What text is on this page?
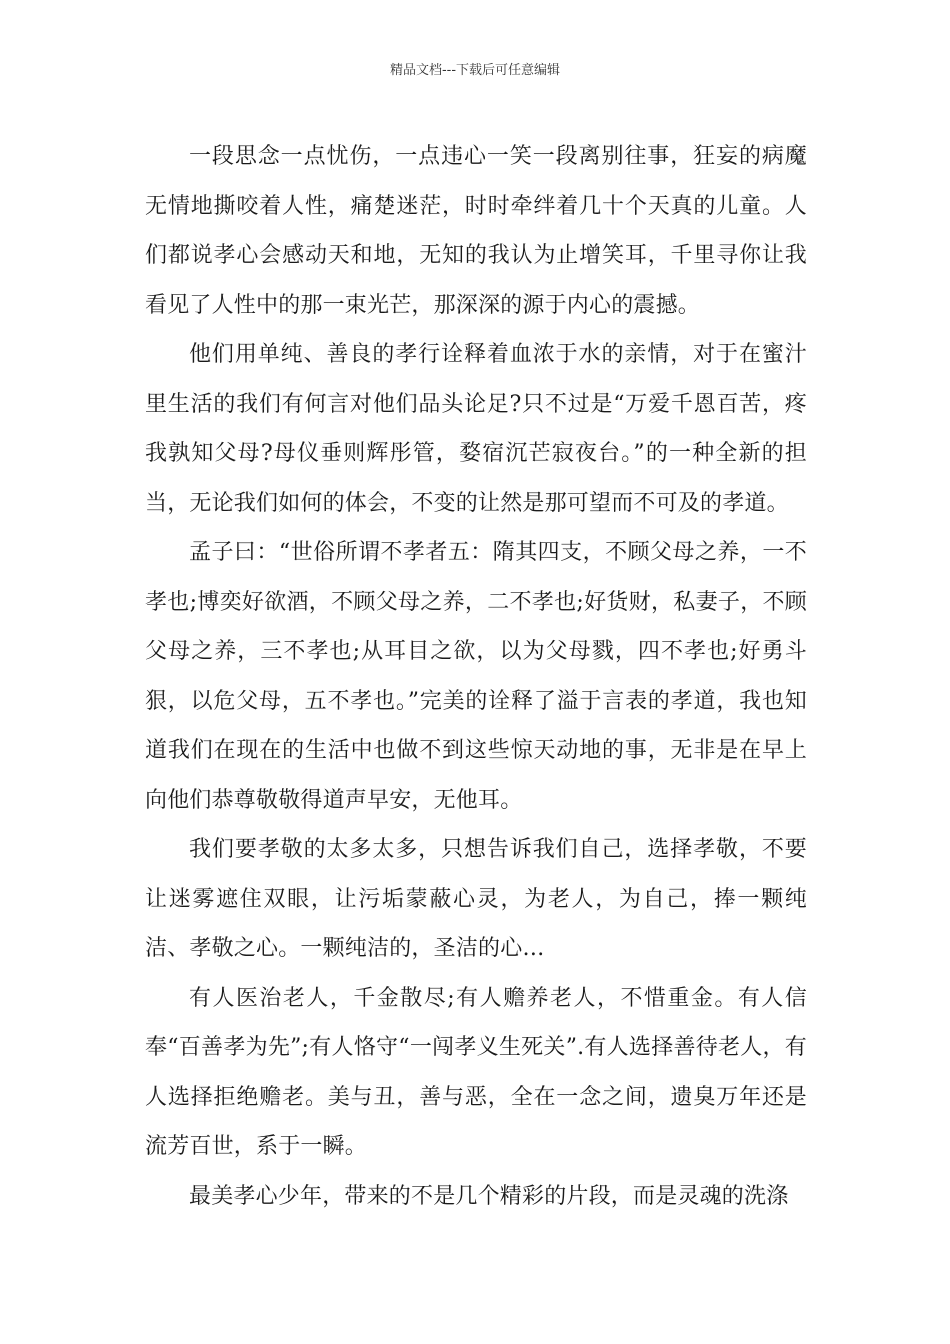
精品文档---下载后可任意编辑

一段思念一点忧伤，一点违心一笑一段离别往事，狂妄的病魔无情地撕咬着人性，痛楚迷茫，时时牵绊着几十个天真的儿童。人们都说孝心会感动天和地，无知的我认为止增笑耳，千里寻你让我看见了人性中的那一束光芒，那深深的源于内心的震撼。

他们用单纯、善良的孝行诠释着血浓于水的亲情，对于在蜜汁里生活的我们有何言对他们品头论足?只不过是“万爱千恩百苦，疼我孰知父母?母仪垂则辉彤管，婺宿沉芒寂夜台。”的一种全新的担当，无论我们如何的体会，不变的让然是那可望而不可及的孝道。

孟子曰：“世俗所谓不孝者五：隋其四支，不顾父母之养，一不孝也;博奕好欲酒，不顾父母之养，二不孝也;好货财，私妻子，不顾父母之养，三不孝也;从耳目之欲，以为父母戮，四不孝也;好勇斗狠，以危父母，五不孝也。”完美的诠释了溢于言表的孝道，我也知道我们在现在的生活中也做不到这些惊天动地的事，无非是在早上向他们恭尊敬敬得道声早安，无他耳。

我们要孝敬的太多太多，只想告诉我们自己，选择孝敬，不要让迷雾遮住双眼，让污垢蒙蔽心灵，为老人，为自己，捧一颗纯洁、孝敬之心。一颗纯洁的，圣洁的心…

有人医治老人，千金散尽;有人赡养老人，不惜重金。有人信奉“百善孝为先”;有人恪守“一闯孝义生死关”.有人选择善待老人，有人选择拒绝赡老。美与丑，善与恶，全在一念之间，遗臭万年还是流芳百世，系于一瞬。

最美孝心少年，带来的不是几个精彩的片段，而是灵魂的洗涤
